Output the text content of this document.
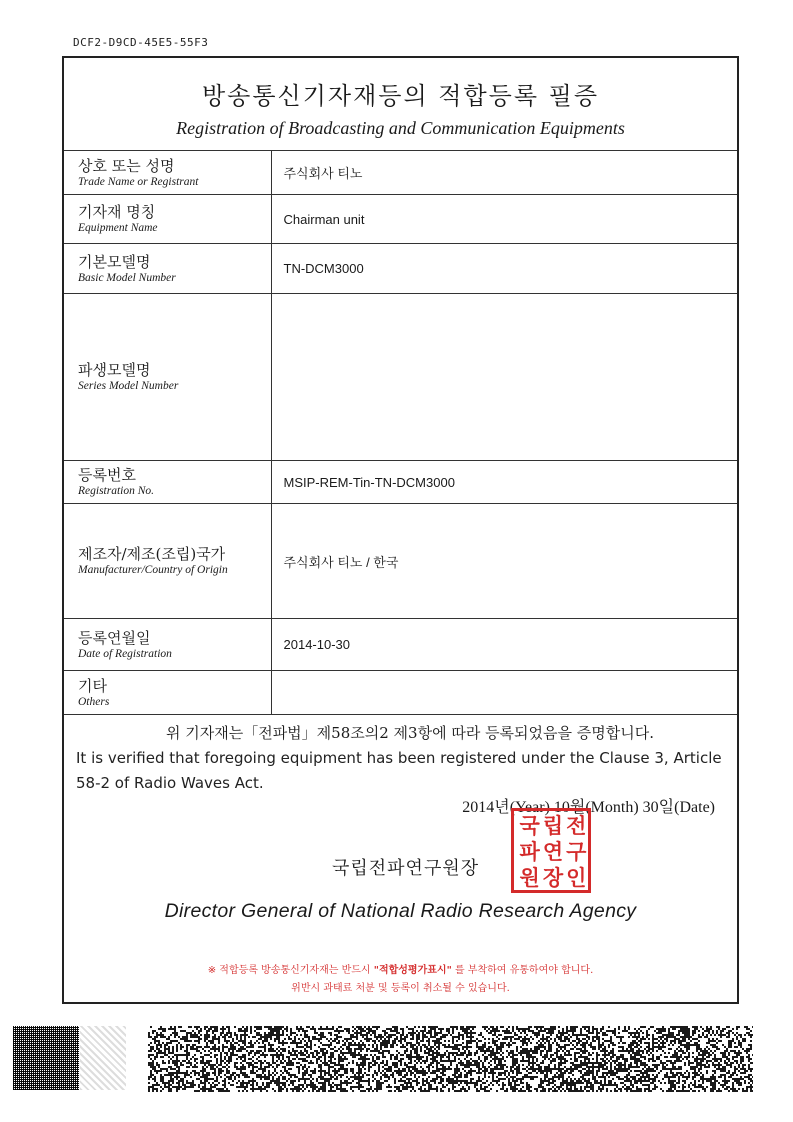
DCF2-D9CD-45E5-55F3
방송통신기자재등의 적합등록 필증
Registration of Broadcasting and Communication Equipments
상호 또는 성명
Trade Name or Registrant	주식회사 티노

기자재 명칭
Equipment Name	Chairman unit

기본모델명
Basic Model Number	TN-DCM3000

파생모델명
Series Model Number	

등록번호
Registration No.	MSIP-REM-Tin-TN-DCM3000

제조자/제조(조립)국가
Manufacturer/Country of Origin	주식회사 티노 / 한국

등록연월일
Date of Registration	2014-10-30

기타
Others	

위 기자재는「전파법」제58조의2 제3항에 따라 등록되었음을 증명합니다.
It is verified that foregoing equipment has been registered under the Clause 3, Article 58-2 of Radio Waves Act.
2014년(Year) 10월(Month) 30일(Date)
국립전파연구원장
국 립 전
파 연 구
원 장 인
Director General of National Radio Research Agency
※ 적합등록 방송통신기자재는 반드시 "적합성평가표시" 를 부착하여 유통하여야 합니다.
위반시 과태료 처분 및 등록이 취소될 수 있습니다.
